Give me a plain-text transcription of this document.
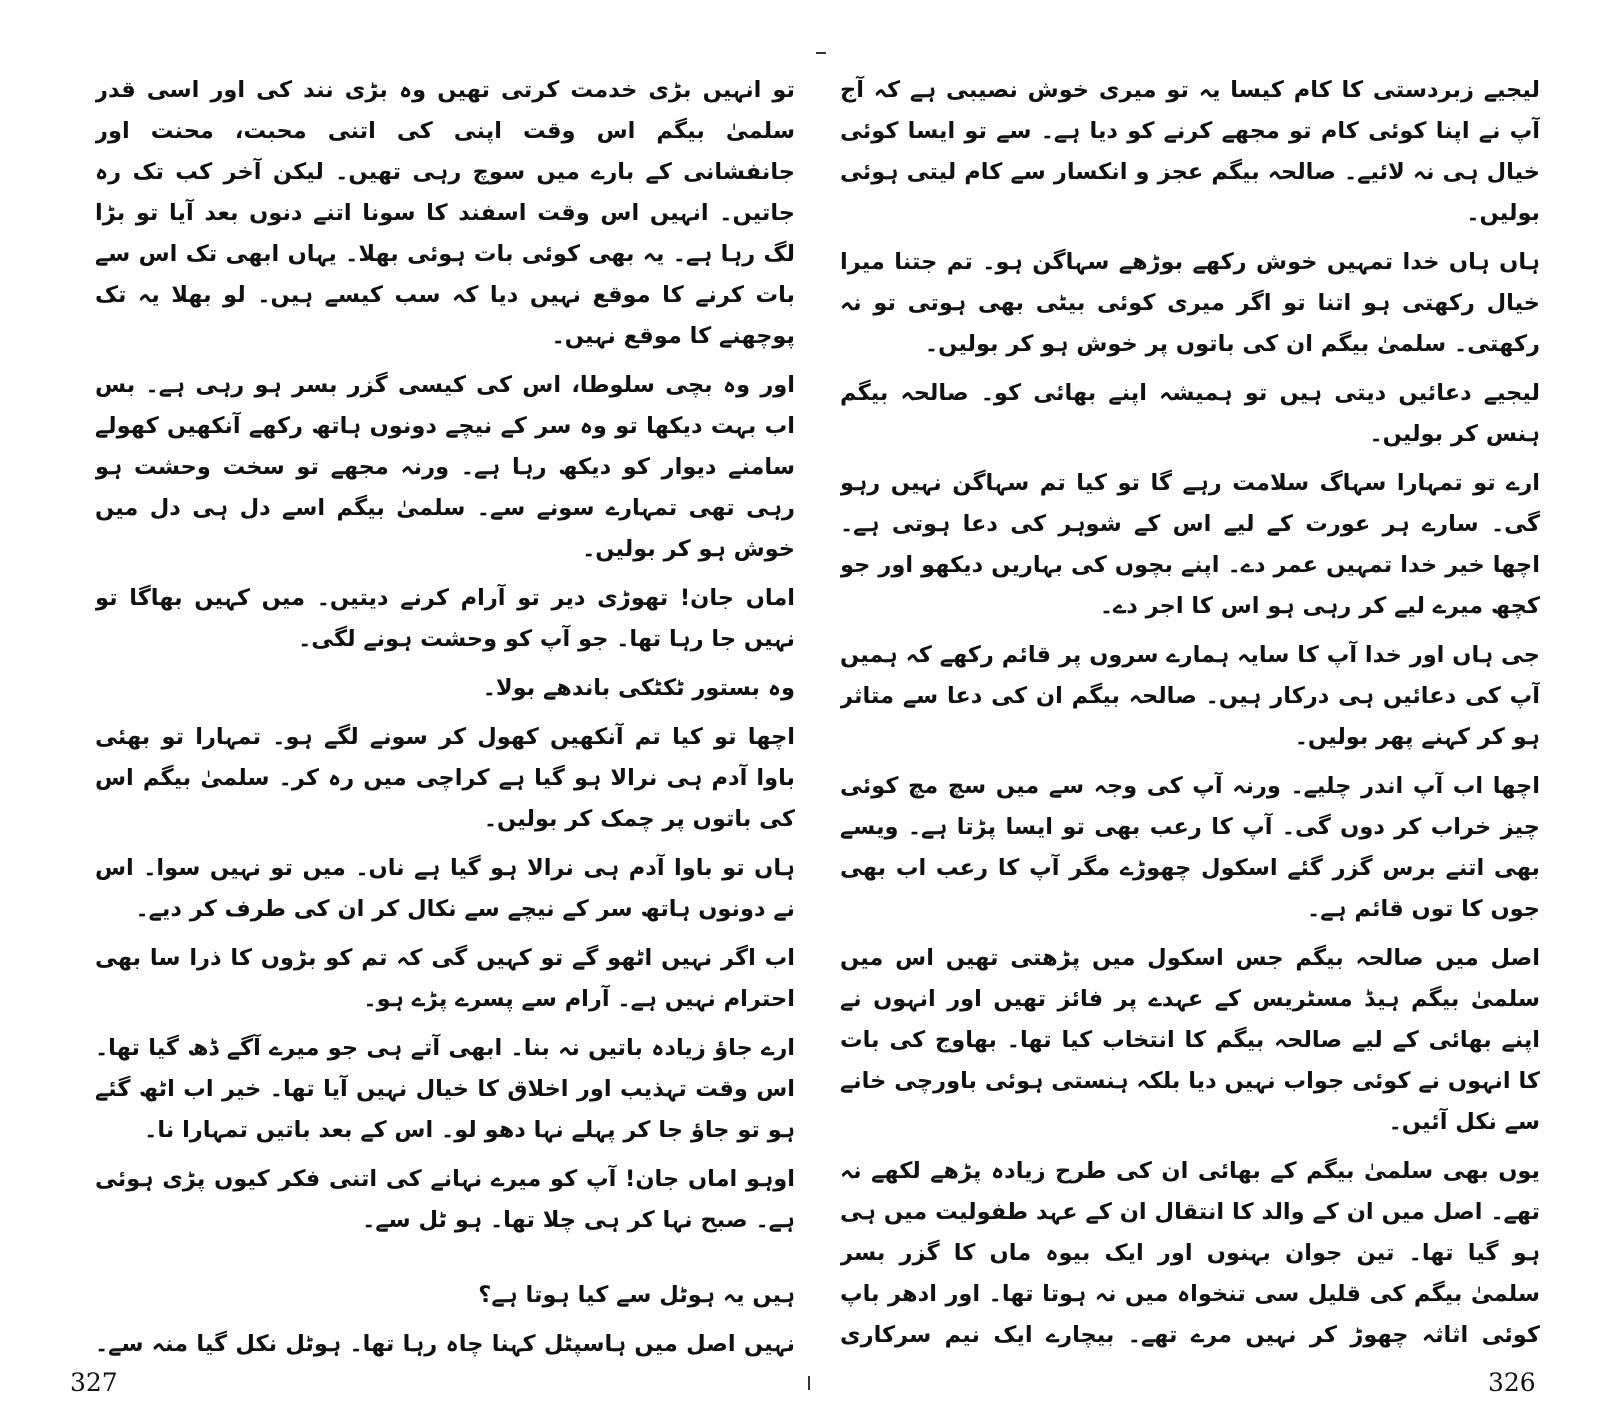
تو انہیں بڑی خدمت کرتی تھیں وہ بڑی نند کی اور اسی قدر سلمیٰ بیگم اس وقت اپنی کی اتنی محبت، محنت اور جانفشانی کے بارے میں سوچ رہی تھیں۔ لیکن آخر کب تک رہ جاتیں۔ انہیں اس وقت اسفند کا سونا اتنے دنوں بعد آیا تو بڑا لگ رہا ہے۔ یہ بھی کوئی بات ہوئی بھلا۔ یہاں ابھی تک اس سے بات کرنے کا موقع نہیں دیا کہ سب کیسے ہیں۔ لو بھلا یہ تک پوچھنے کا موقع نہیں۔

اور وہ بچی سلوطا، اس کی کیسی گزر بسر ہو رہی ہے۔ بس اب بہت دیکھا تو وہ سر کے نیچے دونوں ہاتھ رکھے آنکھیں کھولے سامنے دیوار کو دیکھ رہا ہے۔ ورنہ مجھے تو سخت وحشت ہو رہی تھی تمہارے سونے سے۔ سلمیٰ بیگم اسے دل ہی دل میں خوش ہو کر بولیں۔

اماں جان! تھوڑی دیر تو آرام کرنے دیتیں۔ میں کہیں بھاگا تو نہیں جا رہا تھا۔ جو آپ کو وحشت ہونے لگی۔

وہ بستور ٹکٹکی باندھے بولا۔

اچھا تو کیا تم آنکھیں کھول کر سونے لگے ہو۔ تمہارا تو بھئی باوا آدم ہی نرالا ہو گیا ہے کراچی میں رہ کر۔ سلمیٰ بیگم اس کی باتوں پر چمک کر بولیں۔

ہاں تو باوا آدم ہی نرالا ہو گیا ہے ناں۔ میں تو نہیں سوا۔ اس نے دونوں ہاتھ سر کے نیچے سے نکال کر ان کی طرف کر دیے۔

اب اگر نہیں اٹھو گے تو کہیں گی کہ تم کو بڑوں کا ذرا سا بھی احترام نہیں ہے۔ آرام سے پسرے پڑے ہو۔

ارے جاؤ زیادہ باتیں نہ بنا۔ ابھی آتے ہی جو میرے آگے ڈھ گیا تھا۔ اس وقت تہذیب اور اخلاق کا خیال نہیں آیا تھا۔ خیر اب اٹھ گئے ہو تو جاؤ جا کر پہلے نہا دھو لو۔ اس کے بعد باتیں تمہارا نا۔

اوہو اماں جان! آپ کو میرے نہانے کی اتنی فکر کیوں پڑی ہوئی ہے۔ صبح نہا کر ہی چلا تھا۔ ہو ٹل سے۔

ہیں یہ ہوٹل سے کیا ہوتا ہے؟

نہیں اصل میں ہاسپٹل کہنا چاہ رہا تھا۔ ہوٹل نکل گیا منہ سے۔

لیجیے زبردستی کا کام کیسا یہ تو میری خوش نصیبی ہے کہ آج آپ نے اپنا کوئی کام تو مجھے کرنے کو دیا ہے۔ سے تو ایسا کوئی خیال ہی نہ لائیے۔ صالحہ بیگم عجز و انکسار سے کام لیتی ہوئی بولیں۔

ہاں ہاں خدا تمہیں خوش رکھے بوڑھے سہاگن ہو۔ تم جتنا میرا خیال رکھتی ہو اتنا تو اگر میری کوئی بیٹی بھی ہوتی تو نہ رکھتی۔ سلمیٰ بیگم ان کی باتوں پر خوش ہو کر بولیں۔

لیجیے دعائیں دیتی ہیں تو ہمیشہ اپنے بھائی کو۔ صالحہ بیگم ہنس کر بولیں۔

ارے تو تمہارا سہاگ سلامت رہے گا تو کیا تم سہاگن نہیں رہو گی۔ سارے ہر عورت کے لیے اس کے شوہر کی دعا ہوتی ہے۔ اچھا خیر خدا تمہیں عمر دے۔ اپنے بچوں کی بہاریں دیکھو اور جو کچھ میرے لیے کر رہی ہو اس کا اجر دے۔

جی ہاں اور خدا آپ کا سایہ ہمارے سروں پر قائم رکھے کہ ہمیں آپ کی دعائیں ہی درکار ہیں۔ صالحہ بیگم ان کی دعا سے متاثر ہو کر کہنے پھر بولیں۔

اچھا اب آپ اندر چلیے۔ ورنہ آپ کی وجہ سے میں سچ مچ کوئی چیز خراب کر دوں گی۔ آپ کا رعب بھی تو ایسا پڑتا ہے۔ ویسے بھی اتنے برس گزر گئے اسکول چھوڑے مگر آپ کا رعب اب بھی جوں کا توں قائم ہے۔

اصل میں صالحہ بیگم جس اسکول میں پڑھتی تھیں اس میں سلمیٰ بیگم ہیڈ مسٹریس کے عہدے پر فائز تھیں اور انہوں نے اپنے بھائی کے لیے صالحہ بیگم کا انتخاب کیا تھا۔ بھاوج کی بات کا انہوں نے کوئی جواب نہیں دیا بلکہ ہنستی ہوئی باورچی خانے سے نکل آئیں۔

یوں بھی سلمیٰ بیگم کے بھائی ان کی طرح زیادہ پڑھے لکھے نہ تھے۔ اصل میں ان کے والد کا انتقال ان کے عہد طفولیت میں ہی ہو گیا تھا۔ تین جوان بہنوں اور ایک بیوہ ماں کا گزر بسر سلمیٰ بیگم کی قلیل سی تنخواہ میں نہ ہوتا تھا۔ اور ادھر باپ کوئی اثاثہ چھوڑ کر نہیں مرے تھے۔ بیچارے ایک نیم سرکاری

327	326
